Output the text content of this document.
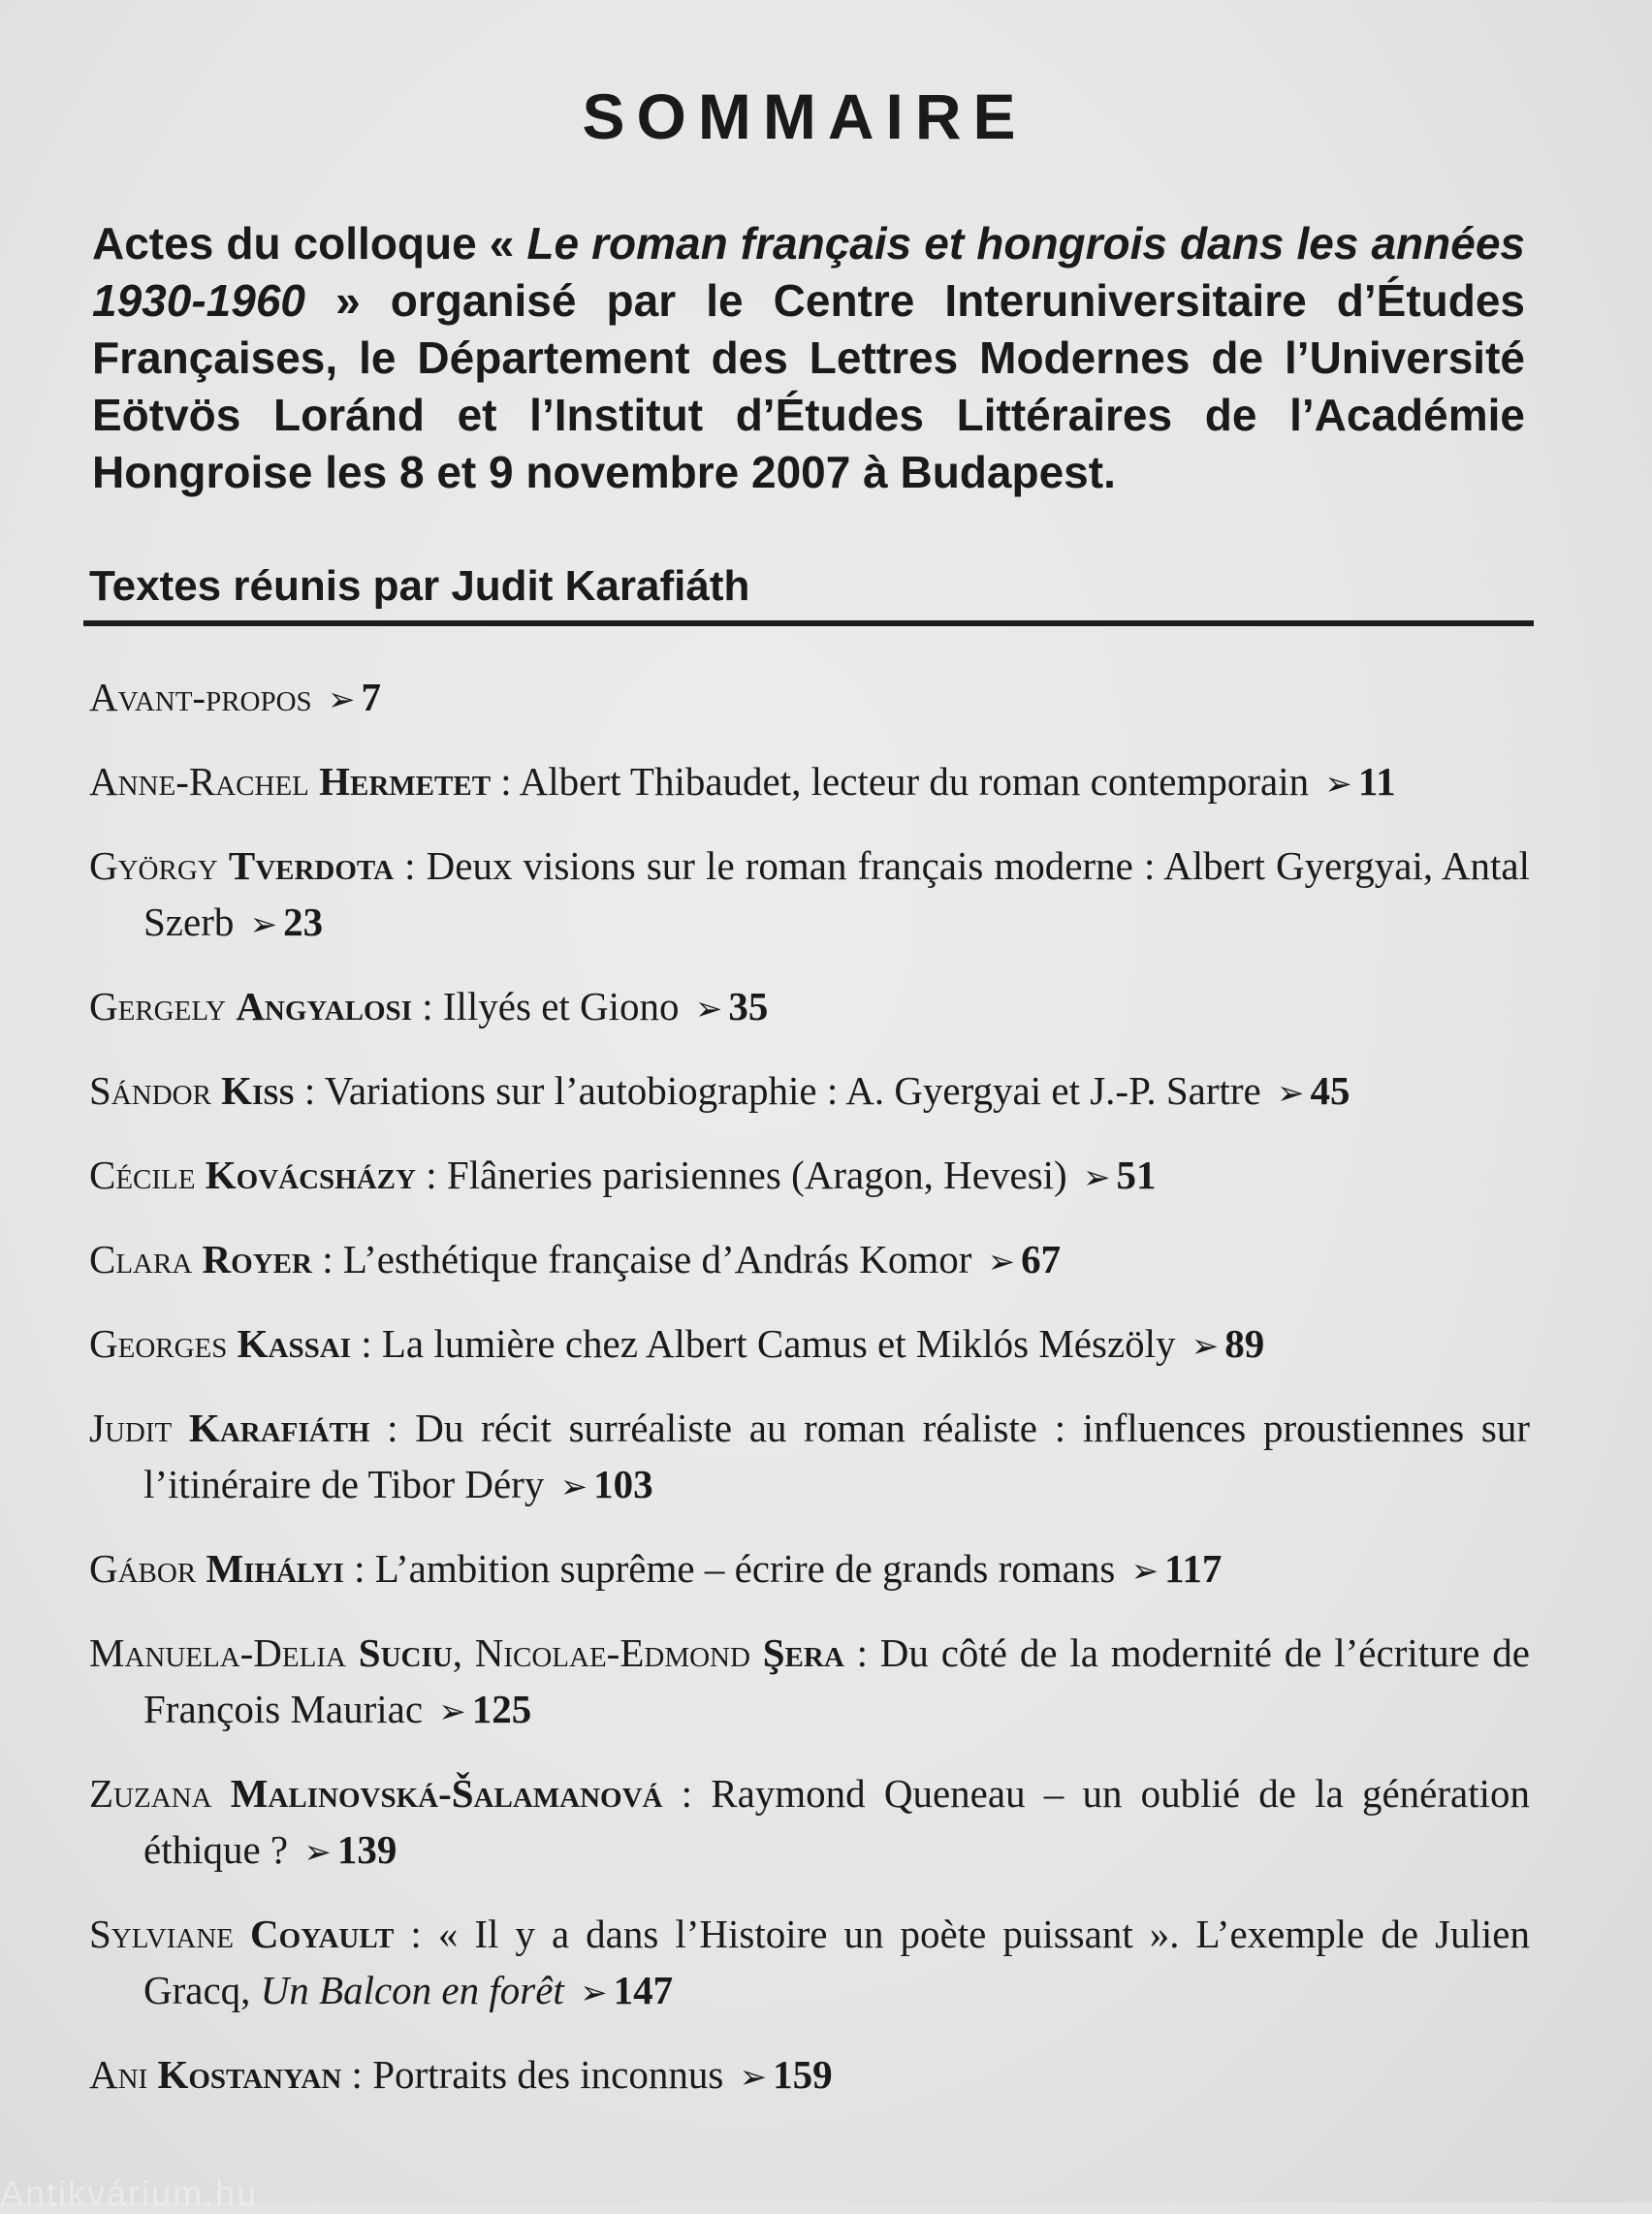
SOMMAIRE
Actes du colloque « Le roman français et hongrois dans les années 1930-1960 » organisé par le Centre Interuniversitaire d’Études Françaises, le Département des Lettres Modernes de l’Université Eötvös Loránd et l’Institut d’Études Littéraires de l’Académie Hongroise les 8 et 9 novembre 2007 à Budapest.
Textes réunis par Judit Karafiáth
Avant-propos ➢ 7
Anne-Rachel Hermetet : Albert Thibaudet, lecteur du roman contemporain ➢ 11
György Tverdota : Deux visions sur le roman français moderne : Albert Gyergyai, Antal Szerb ➢ 23
Gergely Angyalosi : Illyés et Giono ➢ 35
Sándor Kiss : Variations sur l’autobiographie : A. Gyergyai et J.-P. Sartre ➢ 45
Cécile Kovácsházy : Flâneries parisiennes (Aragon, Hevesi) ➢ 51
Clara Royer : L’esthétique française d’András Komor ➢ 67
Georges Kassai : La lumière chez Albert Camus et Miklós Mészöly ➢ 89
Judit Karafiáth : Du récit surréaliste au roman réaliste : influences proustiennes sur l’itinéraire de Tibor Déry ➢ 103
Gábor Mihályi : L’ambition suprême – écrire de grands romans ➢ 117
Manuela-Delia Suciu, Nicolae-Edmond Şera : Du côté de la modernité de l’écriture de François Mauriac ➢ 125
Zuzana Malinovská-Šalamanová : Raymond Queneau – un oublié de la génération éthique ? ➢ 139
Sylviane Coyault : « Il y a dans l’Histoire un poète puissant ». L’exemple de Julien Gracq, Un Balcon en forêt ➢ 147
Ani Kostanyan : Portraits des inconnus ➢ 159
Antikvárium.hu
